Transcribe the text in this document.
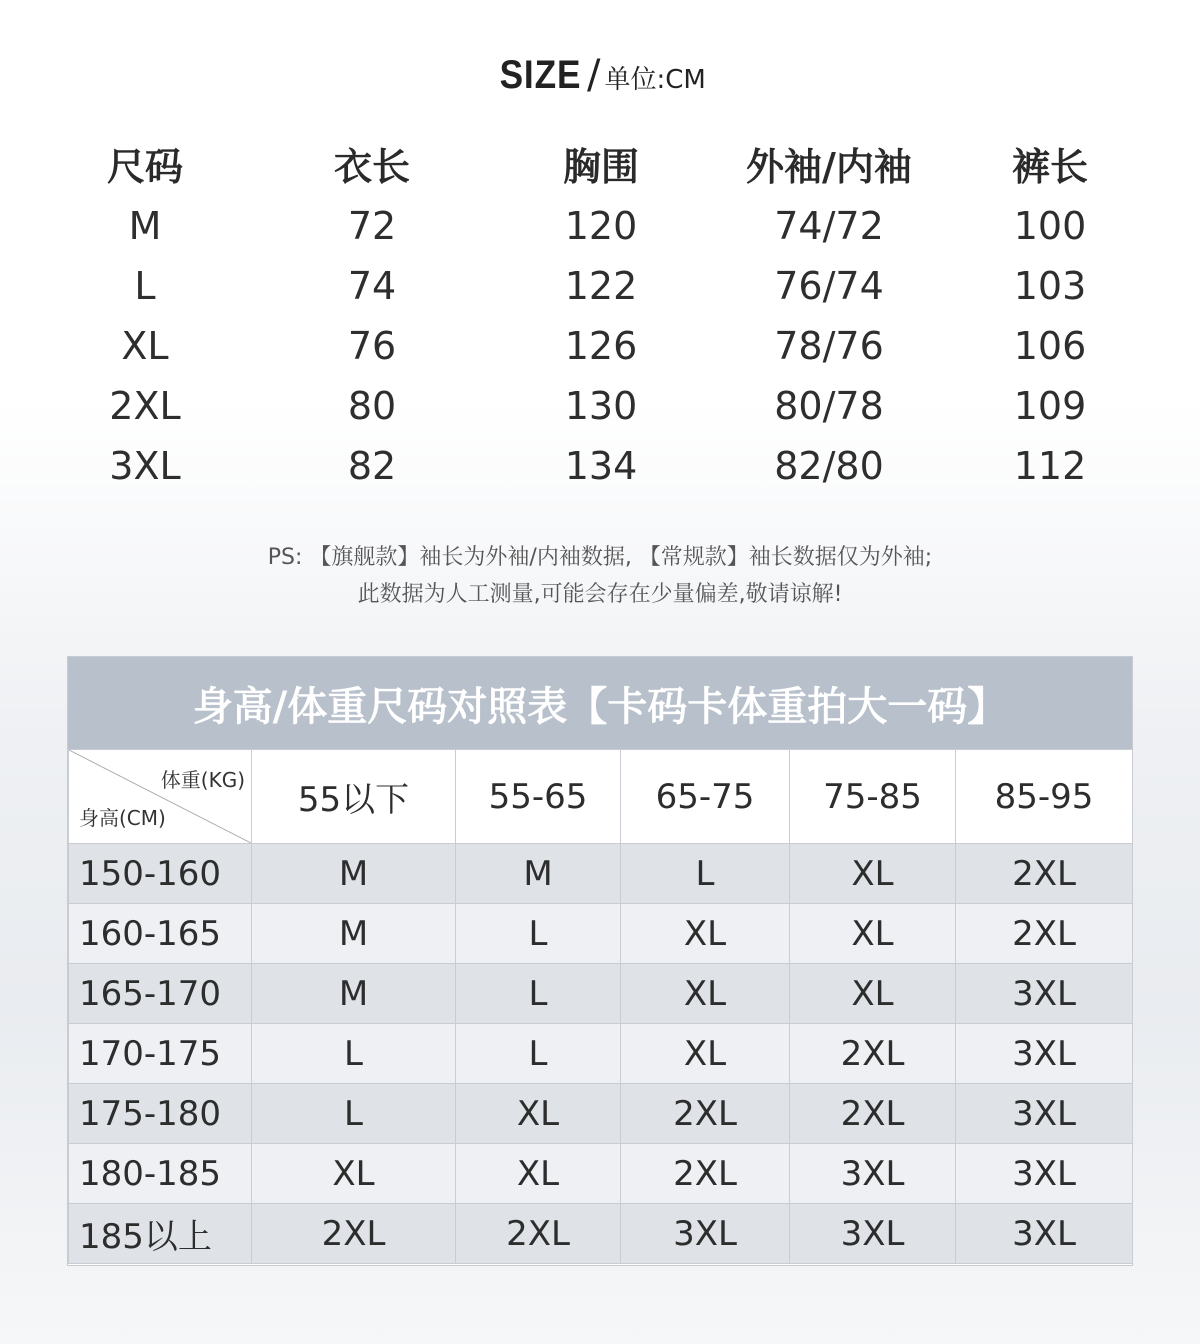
SIZE / 单位:CM
尺码	衣长	胸围	外袖/内袖	裤长
M	72	120	74/72	100
L	74	122	76/74	103
XL	76	126	78/76	106
2XL	80	130	80/78	109
3XL	82	134	82/80	112
PS: 【旗舰款】袖长为外袖/内袖数据, 【常规款】袖长数据仅为外袖;
此数据为人工测量,可能会存在少量偏差,敬请谅解!
身高/体重尺码对照表【卡码卡体重拍大一码】
体重(KG)
身高(CM)	55以下	55-65	65-75	75-85	85-95
150-160	M	M	L	XL	2XL
160-165	M	L	XL	XL	2XL
165-170	M	L	XL	XL	3XL
170-175	L	L	XL	2XL	3XL
175-180	L	XL	2XL	2XL	3XL
180-185	XL	XL	2XL	3XL	3XL
185以上	2XL	2XL	3XL	3XL	3XL
